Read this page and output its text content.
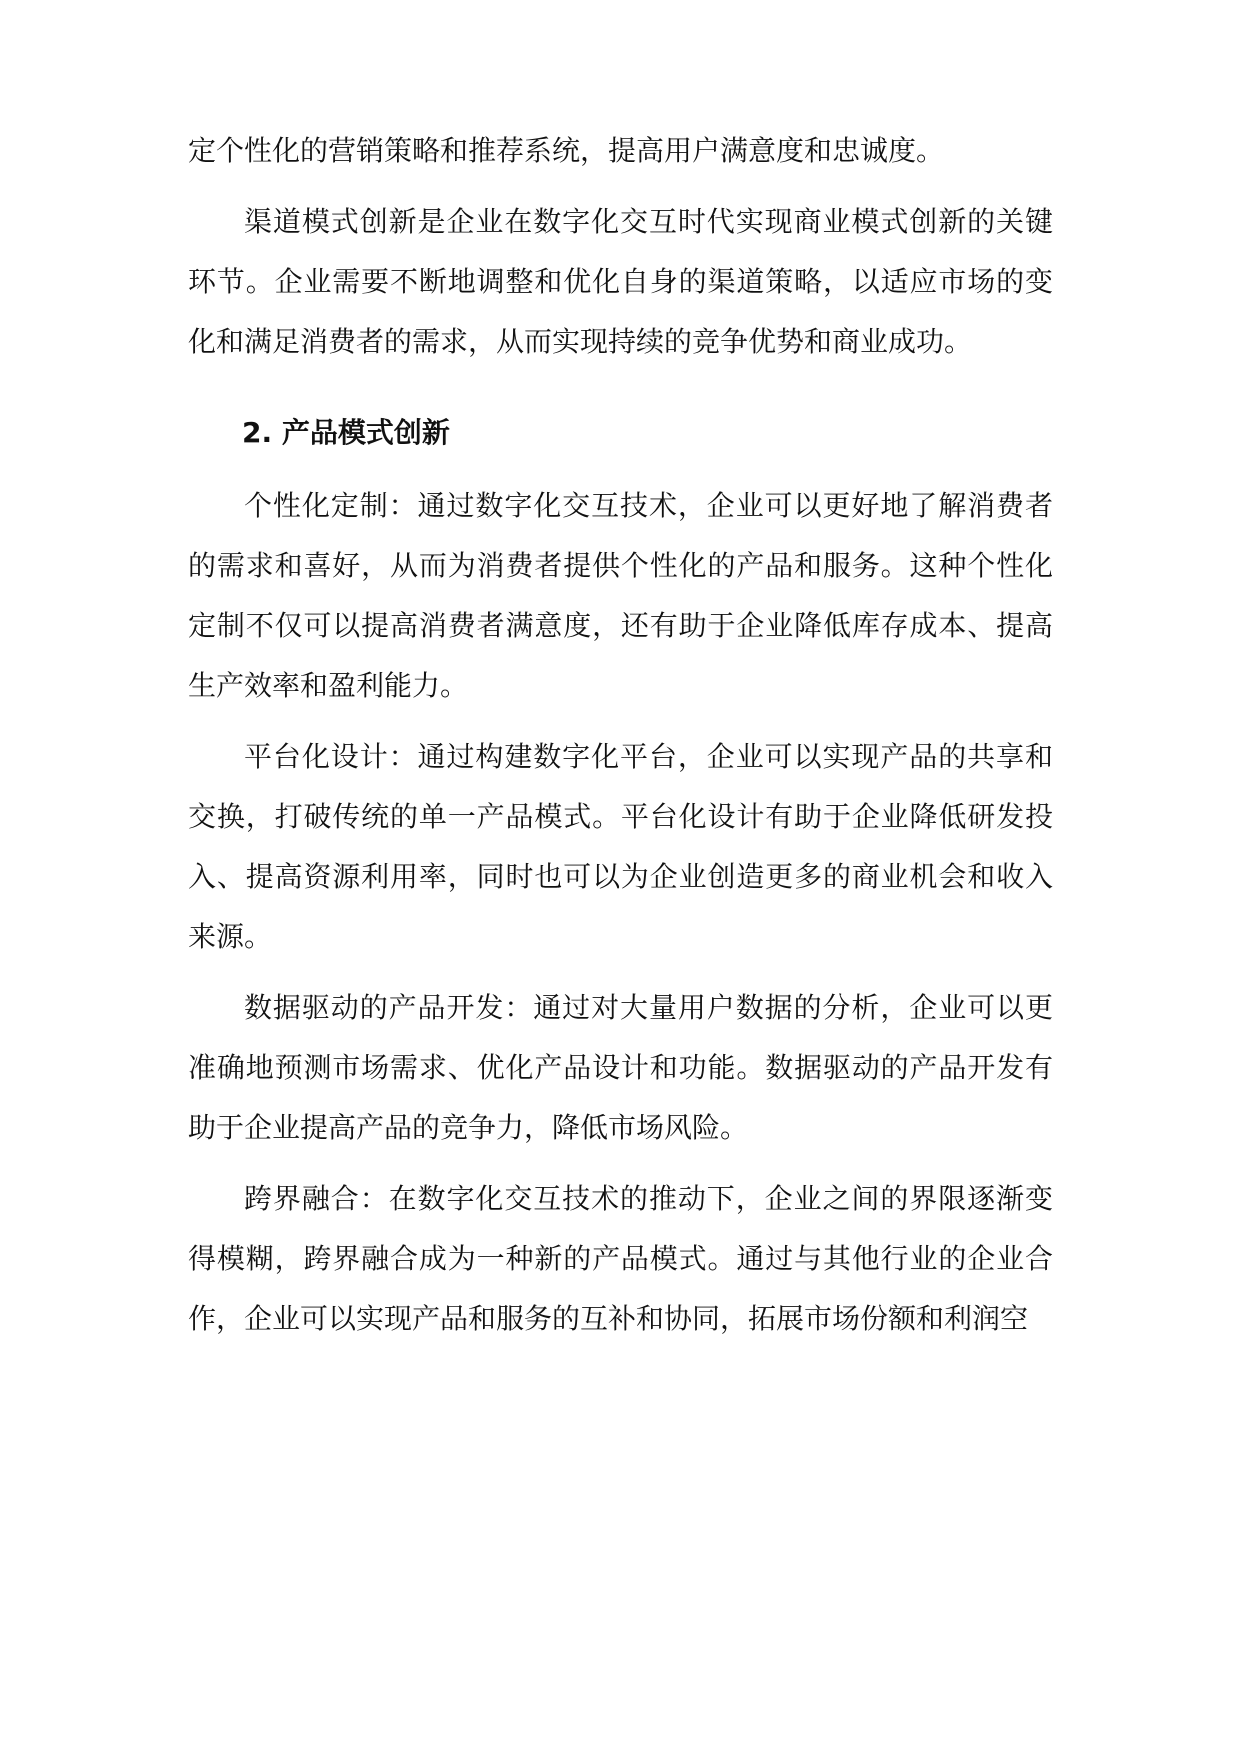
定个性化的营销策略和推荐系统，提高用户满意度和忠诚度。

渠道模式创新是企业在数字化交互时代实现商业模式创新的关键环节。企业需要不断地调整和优化自身的渠道策略，以适应市场的变化和满足消费者的需求，从而实现持续的竞争优势和商业成功。

2. 产品模式创新

个性化定制：通过数字化交互技术，企业可以更好地了解消费者的需求和喜好，从而为消费者提供个性化的产品和服务。这种个性化定制不仅可以提高消费者满意度，还有助于企业降低库存成本、提高生产效率和盈利能力。

平台化设计：通过构建数字化平台，企业可以实现产品的共享和交换，打破传统的单一产品模式。平台化设计有助于企业降低研发投入、提高资源利用率，同时也可以为企业创造更多的商业机会和收入来源。

数据驱动的产品开发：通过对大量用户数据的分析，企业可以更准确地预测市场需求、优化产品设计和功能。数据驱动的产品开发有助于企业提高产品的竞争力，降低市场风险。

跨界融合：在数字化交互技术的推动下，企业之间的界限逐渐变得模糊，跨界融合成为一种新的产品模式。通过与其他行业的企业合作，企业可以实现产品和服务的互补和协同，拓展市场份额和利润空
